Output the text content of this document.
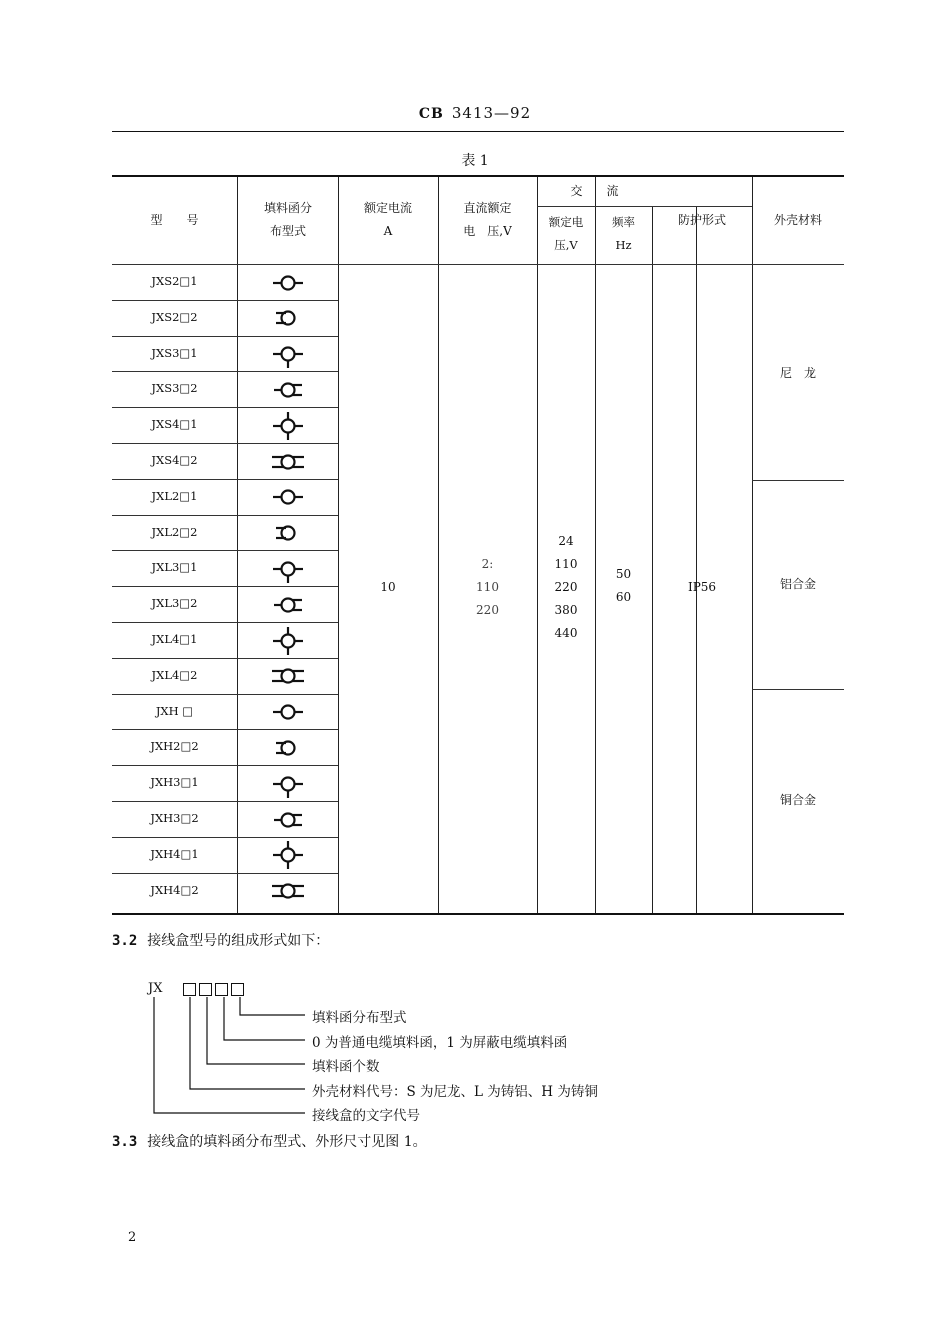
CB 3413—92
表 1
型　　号
填料函分
布型式
额定电流
A
直流额定
电　压,V
交　　流
额定电
压,V
频率
Hz
防护形式	外壳材料
10
2:
110
220
24
110
220
380
440
50
60
IP56
尼　龙
铝合金
铜合金
JXS2□1
JXS2□2
JXS3□1
JXS3□2
JXS4□1
JXS4□2
JXL2□1
JXL2□2
JXL3□1
JXL3□2
JXL4□1
JXL4□2
JXH □
JXH2□2
JXH3□1
JXH3□2
JXH4□1
JXH4□2
3.2 接线盒型号的组成形式如下：
JX
填料函分布型式
0 为普通电缆填料函，1 为屏蔽电缆填料函
填料函个数
外壳材料代号：S 为尼龙、L 为铸铝、H 为铸铜
接线盒的文字代号
3.3 接线盒的填料函分布型式、外形尺寸见图 1。
2
